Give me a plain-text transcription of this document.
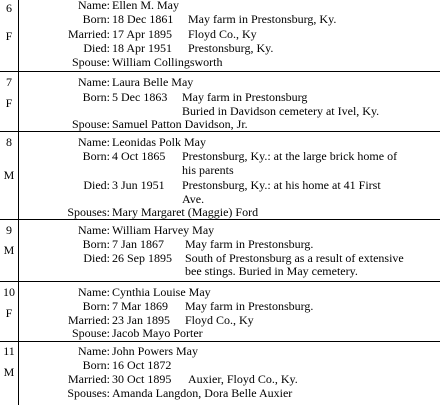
6
F
Name: Ellen M. May
Born: 18 Dec 1861 May farm in Prestonsburg, Ky.
Married: 17 Apr 1895 Floyd Co., Ky
Died: 18 Apr 1951 Prestonsburg, Ky.
Spouse: William Collingsworth
7
F
Name: Laura Belle May
Born: 5 Dec 1863 May farm in Prestonsburg
Buried in Davidson cemetery at Ivel, Ky.
Spouse: Samuel Patton Davidson, Jr.
8
M
Name: Leonidas Polk May
Born: 4 Oct 1865 Prestonsburg, Ky.: at the large brick home of
his parents
Died: 3 Jun 1951 Prestonsburg, Ky.: at his home at 41 First
Ave.
Spouses: Mary Margaret (Maggie) Ford
9
M
Name: William Harvey May
Born: 7 Jan 1867 May farm in Prestonsburg.
Died: 26 Sep 1895 South of Prestonsburg as a result of extensive
bee stings. Buried in May cemetery.
10
F
Name: Cynthia Louise May
Born: 7 Mar 1869 May farm in Prestonsburg.
Married: 23 Jan 1895 Floyd Co., Ky
Spouse: Jacob Mayo Porter
11
M
Name: John Powers May
Born: 16 Oct 1872
Married: 30 Oct 1895 Auxier, Floyd Co., Ky.
Spouses: Amanda Langdon, Dora Belle Auxier
